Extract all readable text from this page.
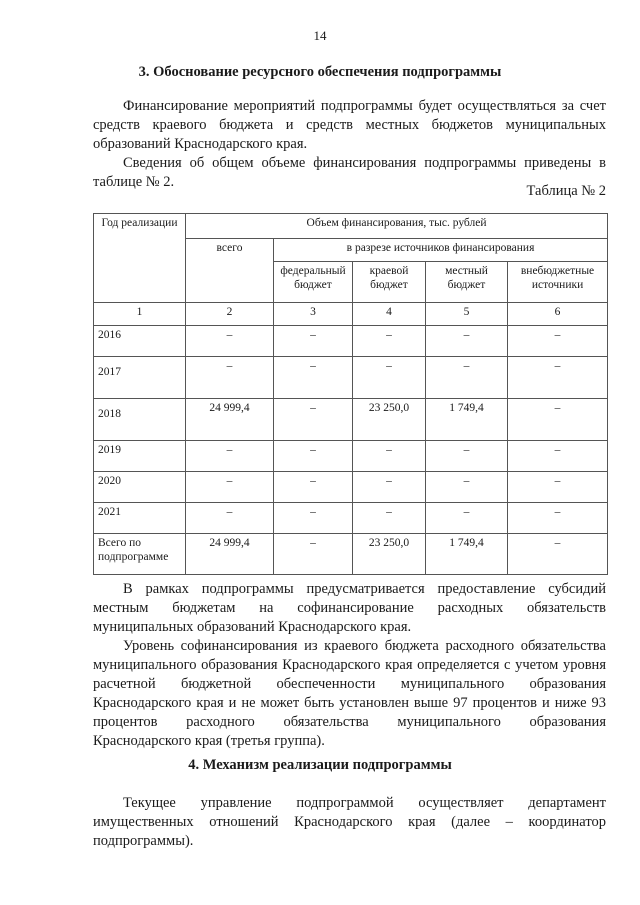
14
3. Обоснование ресурсного обеспечения подпрограммы

Финансирование мероприятий подпрограммы будет осуществляться за счет средств краевого бюджета и средств местных бюджетов муниципальных образований Краснодарского края.

Сведения об общем объеме финансирования подпрограммы приведены в таблице № 2.

Таблица № 2
Год реализации	Объем финансирования, тыс. рублей				
	всего	в разрезе источников финансирования			
		федеральный бюджет	краевой бюджет	местный бюджет	внебюджетные источники
1	2	3	4	5	6
2016	–	–	–	–	–
2017	–	–	–	–	–
2018	24 999,4	–	23 250,0	1 749,4	–
2019	–	–	–	–	–
2020	–	–	–	–	–
2021	–	–	–	–	–
Всего по подпрограмме	24 999,4	–	23 250,0	1 749,4	–

В рамках подпрограммы предусматривается предоставление субсидий местным бюджетам на софинансирование расходных обязательств муниципальных образований Краснодарского края.

Уровень софинансирования из краевого бюджета расходного обязательства муниципального образования Краснодарского края определяется с учетом уровня расчетной бюджетной обеспеченности муниципального образования Краснодарского края и не может быть установлен выше 97 процентов и ниже 93 процентов расходного обязательства муниципального образования Краснодарского края (третья группа).

4. Механизм реализации подпрограммы

Текущее управление подпрограммой осуществляет департамент имущественных отношений Краснодарского края (далее – координатор подпрограммы).
